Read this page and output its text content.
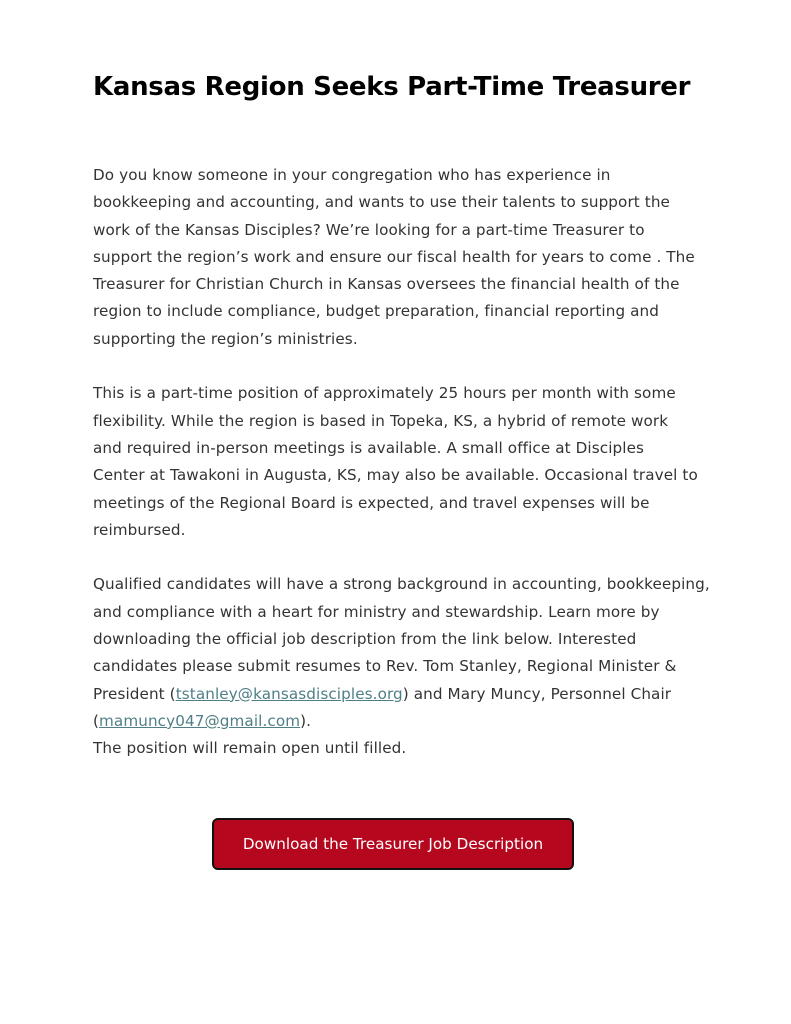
Kansas Region Seeks Part-Time Treasurer

Do you know someone in your congregation who has experience in
bookkeeping and accounting, and wants to use their talents to support the
work of the Kansas Disciples? We’re looking for a part-time Treasurer to
support the region’s work and ensure our fiscal health for years to come . The
Treasurer for Christian Church in Kansas oversees the financial health of the
region to include compliance, budget preparation, financial reporting and
supporting the region’s ministries.

This is a part-time position of approximately 25 hours per month with some
flexibility. While the region is based in Topeka, KS, a hybrid of remote work
and required in-person meetings is available. A small office at Disciples
Center at Tawakoni in Augusta, KS, may also be available. Occasional travel to
meetings of the Regional Board is expected, and travel expenses will be
reimbursed.

Qualified candidates will have a strong background in accounting, bookkeeping,
and compliance with a heart for ministry and stewardship. Learn more by
downloading the official job description from the link below. Interested
candidates please submit resumes to Rev. Tom Stanley, Regional Minister &
President (tstanley@kansasdisciples.org) and Mary Muncy, Personnel Chair
(mamuncy047@gmail.com).
The position will remain open until filled.

Download the Treasurer Job Description
